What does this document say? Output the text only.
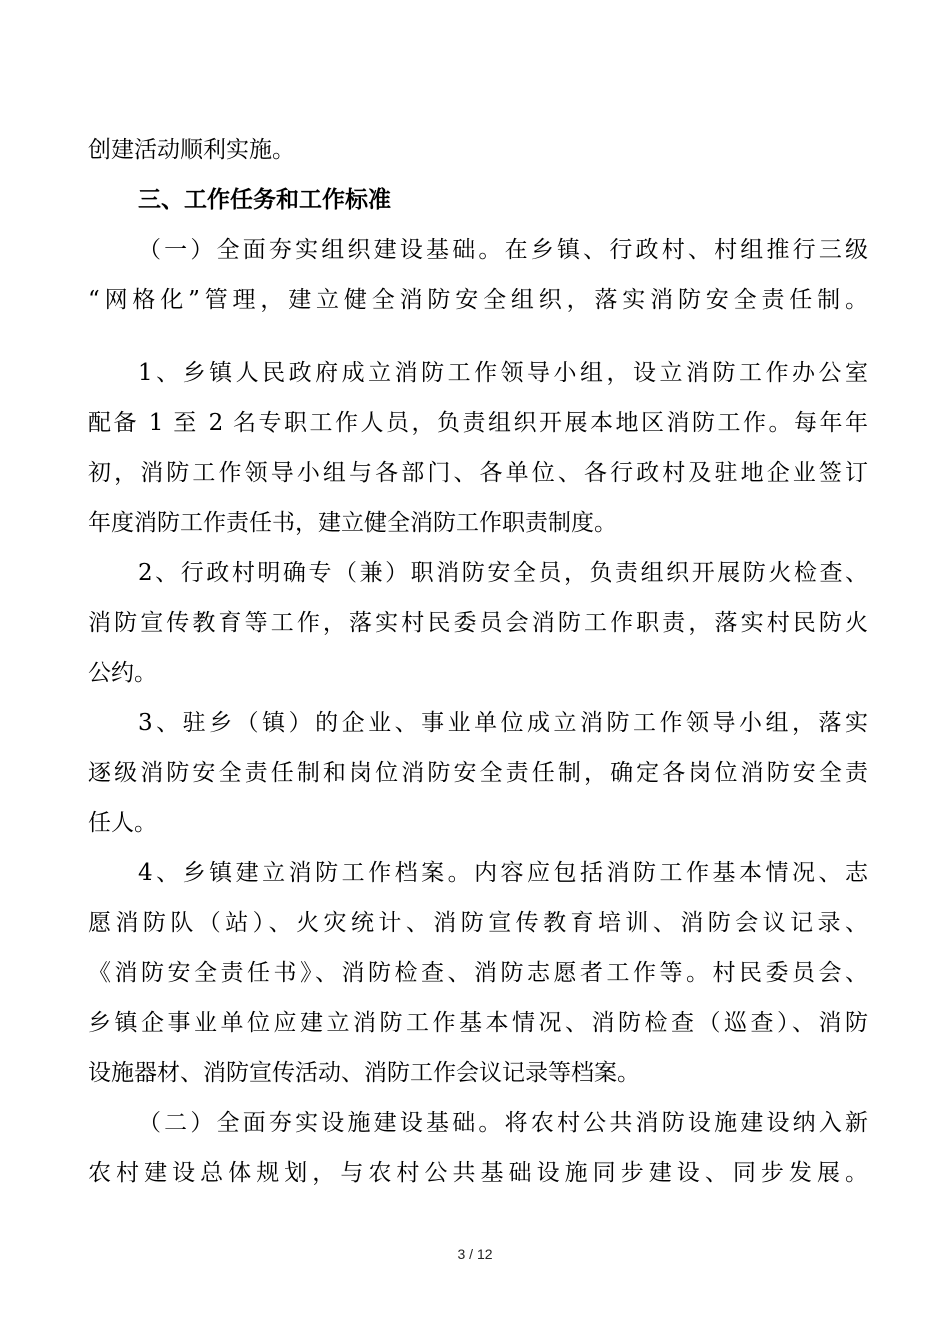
创建活动顺利实施。
三、工作任务和工作标准
（一）全面夯实组织建设基础。在乡镇、行政村、村组推行三级
“网格化”管理，建立健全消防安全组织，落实消防安全责任制。
1、乡镇人民政府成立消防工作领导小组，设立消防工作办公室
配备 1 至 2 名专职工作人员，负责组织开展本地区消防工作。每年年
初，消防工作领导小组与各部门、各单位、各行政村及驻地企业签订
年度消防工作责任书，建立健全消防工作职责制度。
2、行政村明确专（兼）职消防安全员，负责组织开展防火检查、
消防宣传教育等工作，落实村民委员会消防工作职责，落实村民防火
公约。
3、驻乡（镇）的企业、事业单位成立消防工作领导小组，落实
逐级消防安全责任制和岗位消防安全责任制，确定各岗位消防安全责
任人。
4、乡镇建立消防工作档案。内容应包括消防工作基本情况、志
愿消防队（站）、火灾统计、消防宣传教育培训、消防会议记录、
《消防安全责任书》、消防检查、消防志愿者工作等。村民委员会、
乡镇企事业单位应建立消防工作基本情况、消防检查（巡查）、消防
设施器材、消防宣传活动、消防工作会议记录等档案。
（二）全面夯实设施建设基础。将农村公共消防设施建设纳入新
农村建设总体规划，与农村公共基础设施同步建设、同步发展。
3 / 12
